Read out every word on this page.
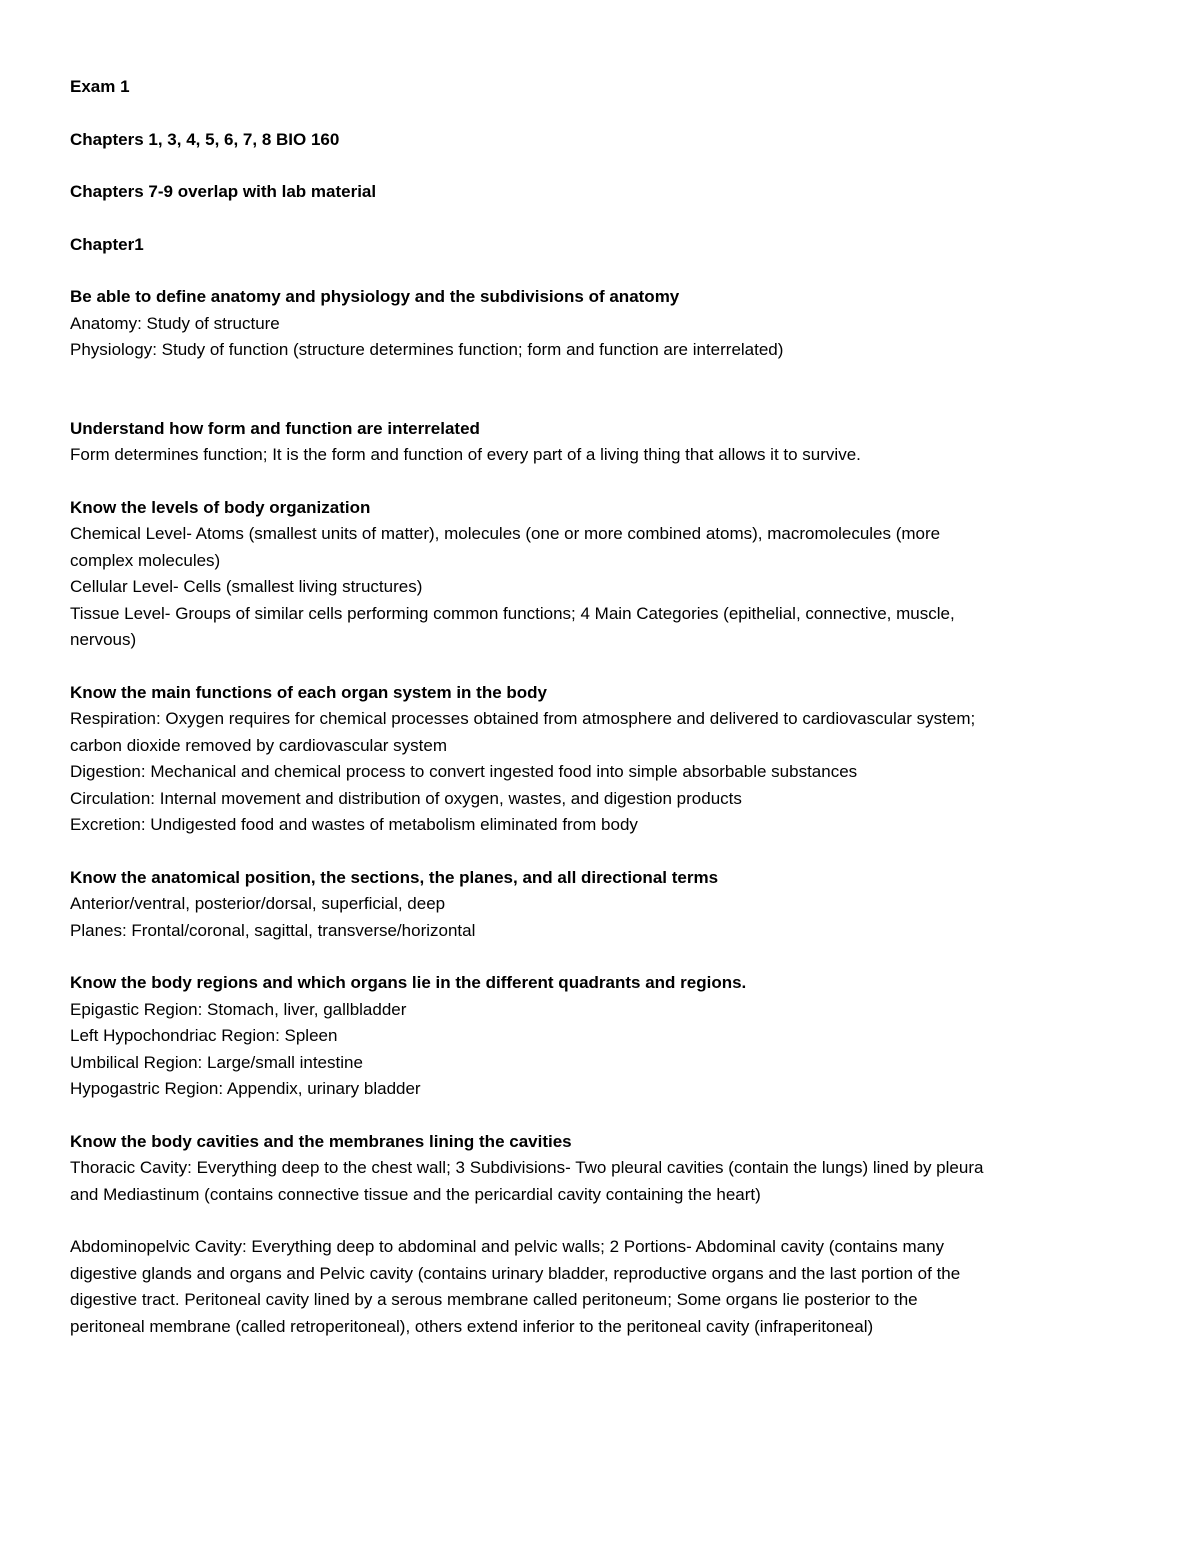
Exam 1
Chapters 1, 3, 4, 5, 6, 7, 8 BIO 160
Chapters 7-9 overlap with lab material
Chapter1
Be able to define anatomy and physiology and the subdivisions of anatomy
Anatomy: Study of structure
Physiology: Study of function (structure determines function; form and function are interrelated)
Understand how form and function are interrelated
Form determines function; It is the form and function of every part of a living thing that allows it to survive.
Know the levels of body organization
Chemical Level- Atoms (smallest units of matter), molecules (one or more combined atoms), macromolecules (more
complex molecules)
Cellular Level- Cells (smallest living structures)
Tissue Level- Groups of similar cells performing common functions; 4 Main Categories (epithelial, connective, muscle,
nervous)
Know the main functions of each organ system in the body
Respiration: Oxygen requires for chemical processes obtained from atmosphere and delivered to cardiovascular system;
carbon dioxide removed by cardiovascular system
Digestion: Mechanical and chemical process to convert ingested food into simple absorbable substances
Circulation: Internal movement and distribution of oxygen, wastes, and digestion products
Excretion: Undigested food and wastes of metabolism eliminated from body
Know the anatomical position, the sections, the planes, and all directional terms
Anterior/ventral, posterior/dorsal, superficial, deep
Planes: Frontal/coronal, sagittal, transverse/horizontal
Know the body regions and which organs lie in the different quadrants and regions.
Epigastic Region: Stomach, liver, gallbladder
Left Hypochondriac Region: Spleen
Umbilical Region: Large/small intestine
Hypogastric Region: Appendix, urinary bladder
Know the body cavities and the membranes lining the cavities
Thoracic Cavity: Everything deep to the chest wall; 3 Subdivisions- Two pleural cavities (contain the lungs) lined by pleura
and Mediastinum (contains connective tissue and the pericardial cavity containing the heart)
Abdominopelvic Cavity: Everything deep to abdominal and pelvic walls; 2 Portions- Abdominal cavity (contains many
digestive glands and organs and Pelvic cavity (contains urinary bladder, reproductive organs and the last portion of the
digestive tract. Peritoneal cavity lined by a serous membrane called peritoneum; Some organs lie posterior to the
peritoneal membrane (called retroperitoneal), others extend inferior to the peritoneal cavity (infraperitoneal)
